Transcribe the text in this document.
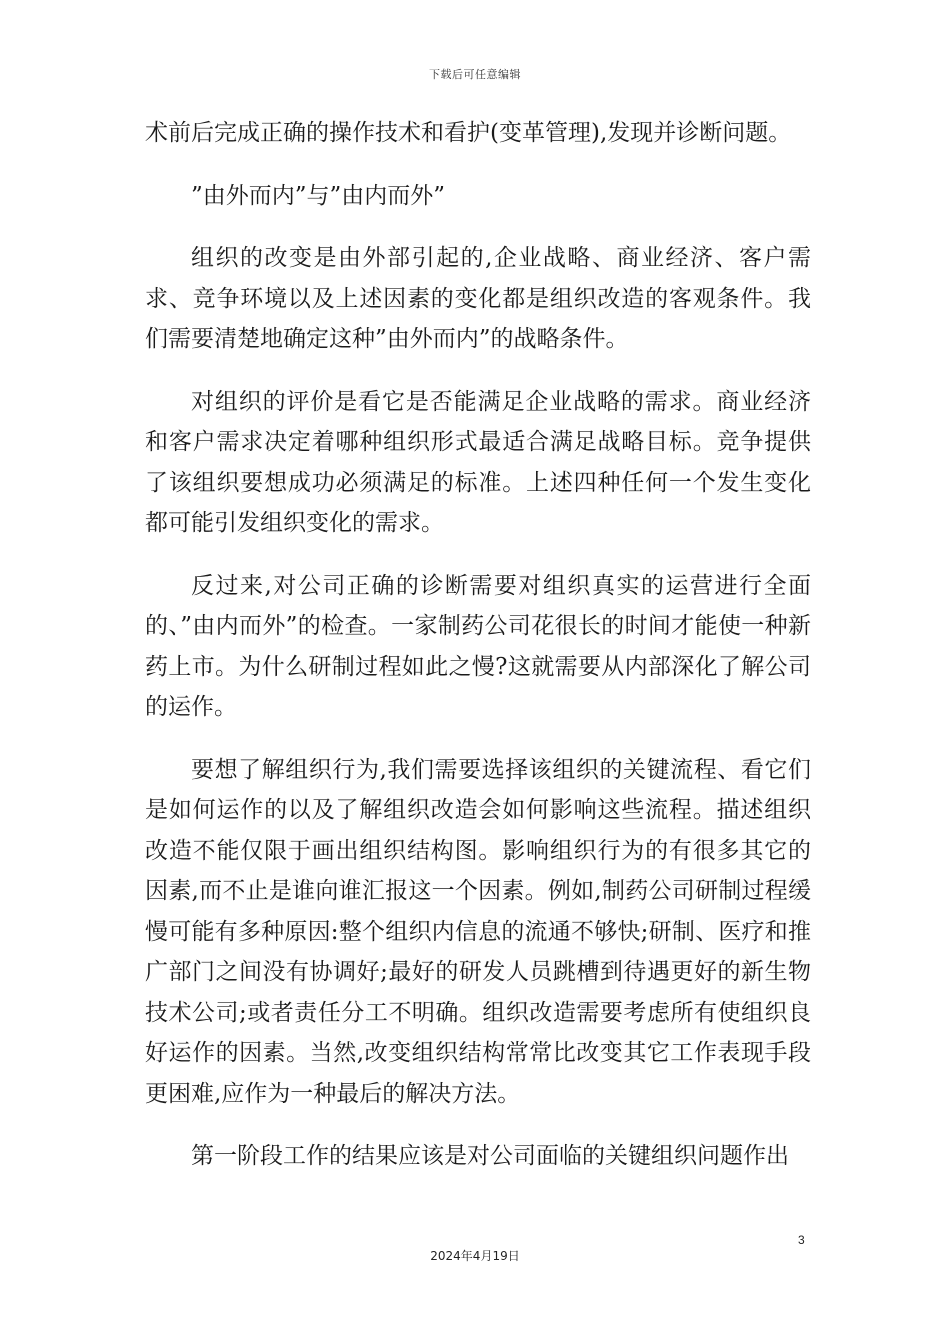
下载后可任意编辑

术前后完成正确的操作技术和看护(变革管理),发现并诊断问题。

”由外而内”与”由内而外”

组织的改变是由外部引起的,企业战略、商业经济、客户需求、竞争环境以及上述因素的变化都是组织改造的客观条件。我们需要清楚地确定这种”由外而内”的战略条件。

对组织的评价是看它是否能满足企业战略的需求。商业经济和客户需求决定着哪种组织形式最适合满足战略目标。竞争提供了该组织要想成功必须满足的标准。上述四种任何一个发生变化都可能引发组织变化的需求。

反过来,对公司正确的诊断需要对组织真实的运营进行全面的、”由内而外”的检查。一家制药公司花很长的时间才能使一种新药上市。为什么研制过程如此之慢?这就需要从内部深化了解公司的运作。

要想了解组织行为,我们需要选择该组织的关键流程、看它们是如何运作的以及了解组织改造会如何影响这些流程。描述组织改造不能仅限于画出组织结构图。影响组织行为的有很多其它的因素,而不止是谁向谁汇报这一个因素。例如,制药公司研制过程缓慢可能有多种原因:整个组织内信息的流通不够快;研制、医疗和推广部门之间没有协调好;最好的研发人员跳槽到待遇更好的新生物技术公司;或者责任分工不明确。组织改造需要考虑所有使组织良好运作的因素。当然,改变组织结构常常比改变其它工作表现手段更困难,应作为一种最后的解决方法。

第一阶段工作的结果应该是对公司面临的关键组织问题作出

3
2024年4月19日
